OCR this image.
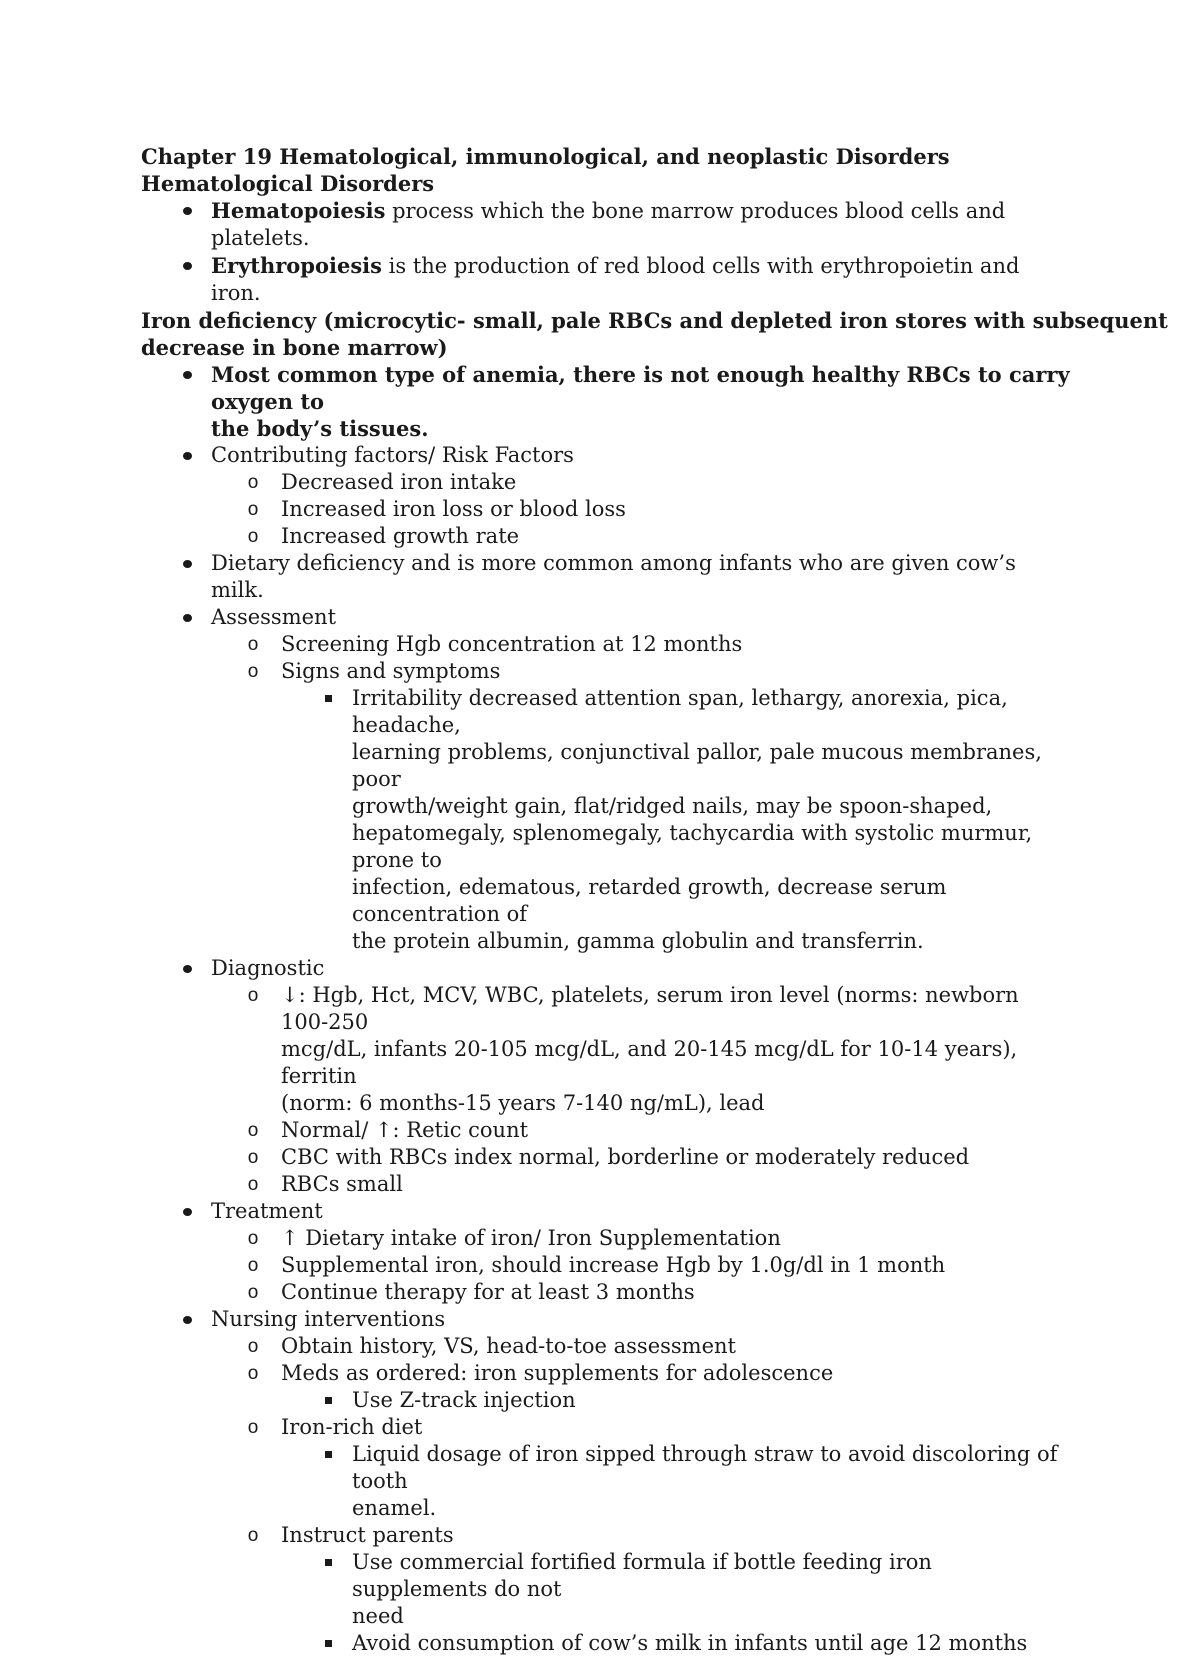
Chapter 19 Hematological, immunological, and neoplastic Disorders
Hematological Disorders
Hematopoiesis process which the bone marrow produces blood cells and platelets.
Erythropoiesis is the production of red blood cells with erythropoietin and iron.
Iron deficiency (microcytic- small, pale RBCs and depleted iron stores with subsequent
decrease in bone marrow)
Most common type of anemia, there is not enough healthy RBCs to carry oxygen to
the body’s tissues.
Contributing factors/ Risk Factors
o	Decreased iron intake
o	Increased iron loss or blood loss
o	Increased growth rate
Dietary deficiency and is more common among infants who are given cow’s milk.
Assessment
o	Screening Hgb concentration at 12 months
o	Signs and symptoms
Irritability decreased attention span, lethargy, anorexia, pica, headache,
learning problems, conjunctival pallor, pale mucous membranes, poor
growth/weight gain, flat/ridged nails, may be spoon-shaped,
hepatomegaly, splenomegaly, tachycardia with systolic murmur, prone to
infection, edematous, retarded growth, decrease serum concentration of
the protein albumin, gamma globulin and transferrin.
Diagnostic
o	↓: Hgb, Hct, MCV, WBC, platelets, serum iron level (norms: newborn 100-250
mcg/dL, infants 20-105 mcg/dL, and 20-145 mcg/dL for 10-14 years), ferritin
(norm: 6 months-15 years 7-140 ng/mL), lead
o	Normal/ ↑: Retic count
o	CBC with RBCs index normal, borderline or moderately reduced
o	RBCs small
Treatment
o	↑ Dietary intake of iron/ Iron Supplementation
o	Supplemental iron, should increase Hgb by 1.0g/dl in 1 month
o	Continue therapy for at least 3 months
Nursing interventions
o	Obtain history, VS, head-to-toe assessment
o	Meds as ordered: iron supplements for adolescence
Use Z-track injection
o	Iron-rich diet
Liquid dosage of iron sipped through straw to avoid discoloring of tooth
enamel.
o	Instruct parents
Use commercial fortified formula if bottle feeding iron supplements do not
need
Avoid consumption of cow’s milk in infants until age 12 months
